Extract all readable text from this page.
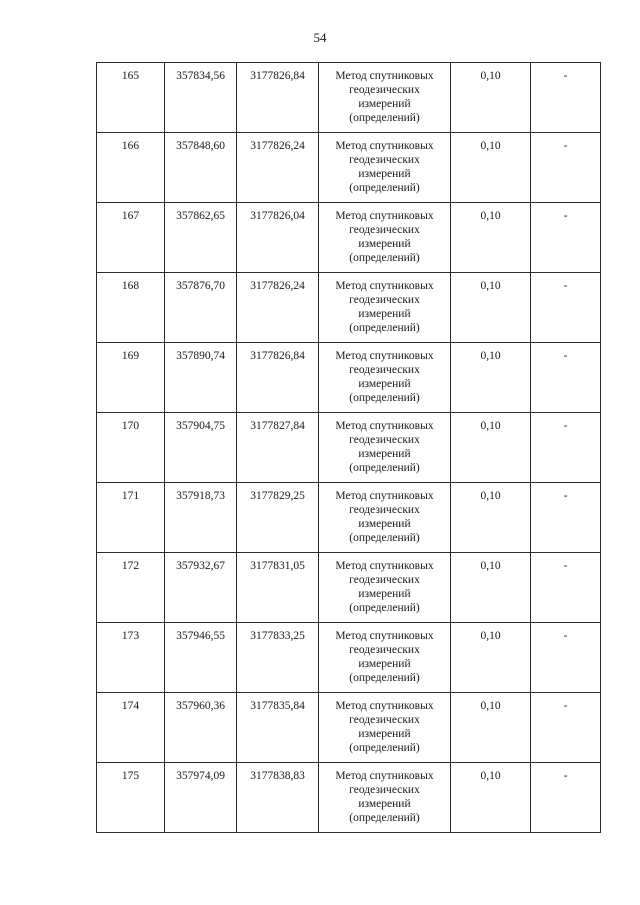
54
165	357834,56	3177826,84	Метод спутниковых
геодезических
измерений
(определений)	0,10	-
166	357848,60	3177826,24	Метод спутниковых
геодезических
измерений
(определений)	0,10	-
167	357862,65	3177826,04	Метод спутниковых
геодезических
измерений
(определений)	0,10	-
168	357876,70	3177826,24	Метод спутниковых
геодезических
измерений
(определений)	0,10	-
169	357890,74	3177826,84	Метод спутниковых
геодезических
измерений
(определений)	0,10	-
170	357904,75	3177827,84	Метод спутниковых
геодезических
измерений
(определений)	0,10	-
171	357918,73	3177829,25	Метод спутниковых
геодезических
измерений
(определений)	0,10	-
172	357932,67	3177831,05	Метод спутниковых
геодезических
измерений
(определений)	0,10	-
173	357946,55	3177833,25	Метод спутниковых
геодезических
измерений
(определений)	0,10	-
174	357960,36	3177835,84	Метод спутниковых
геодезических
измерений
(определений)	0,10	-
175	357974,09	3177838,83	Метод спутниковых
геодезических
измерений
(определений)	0,10	-
